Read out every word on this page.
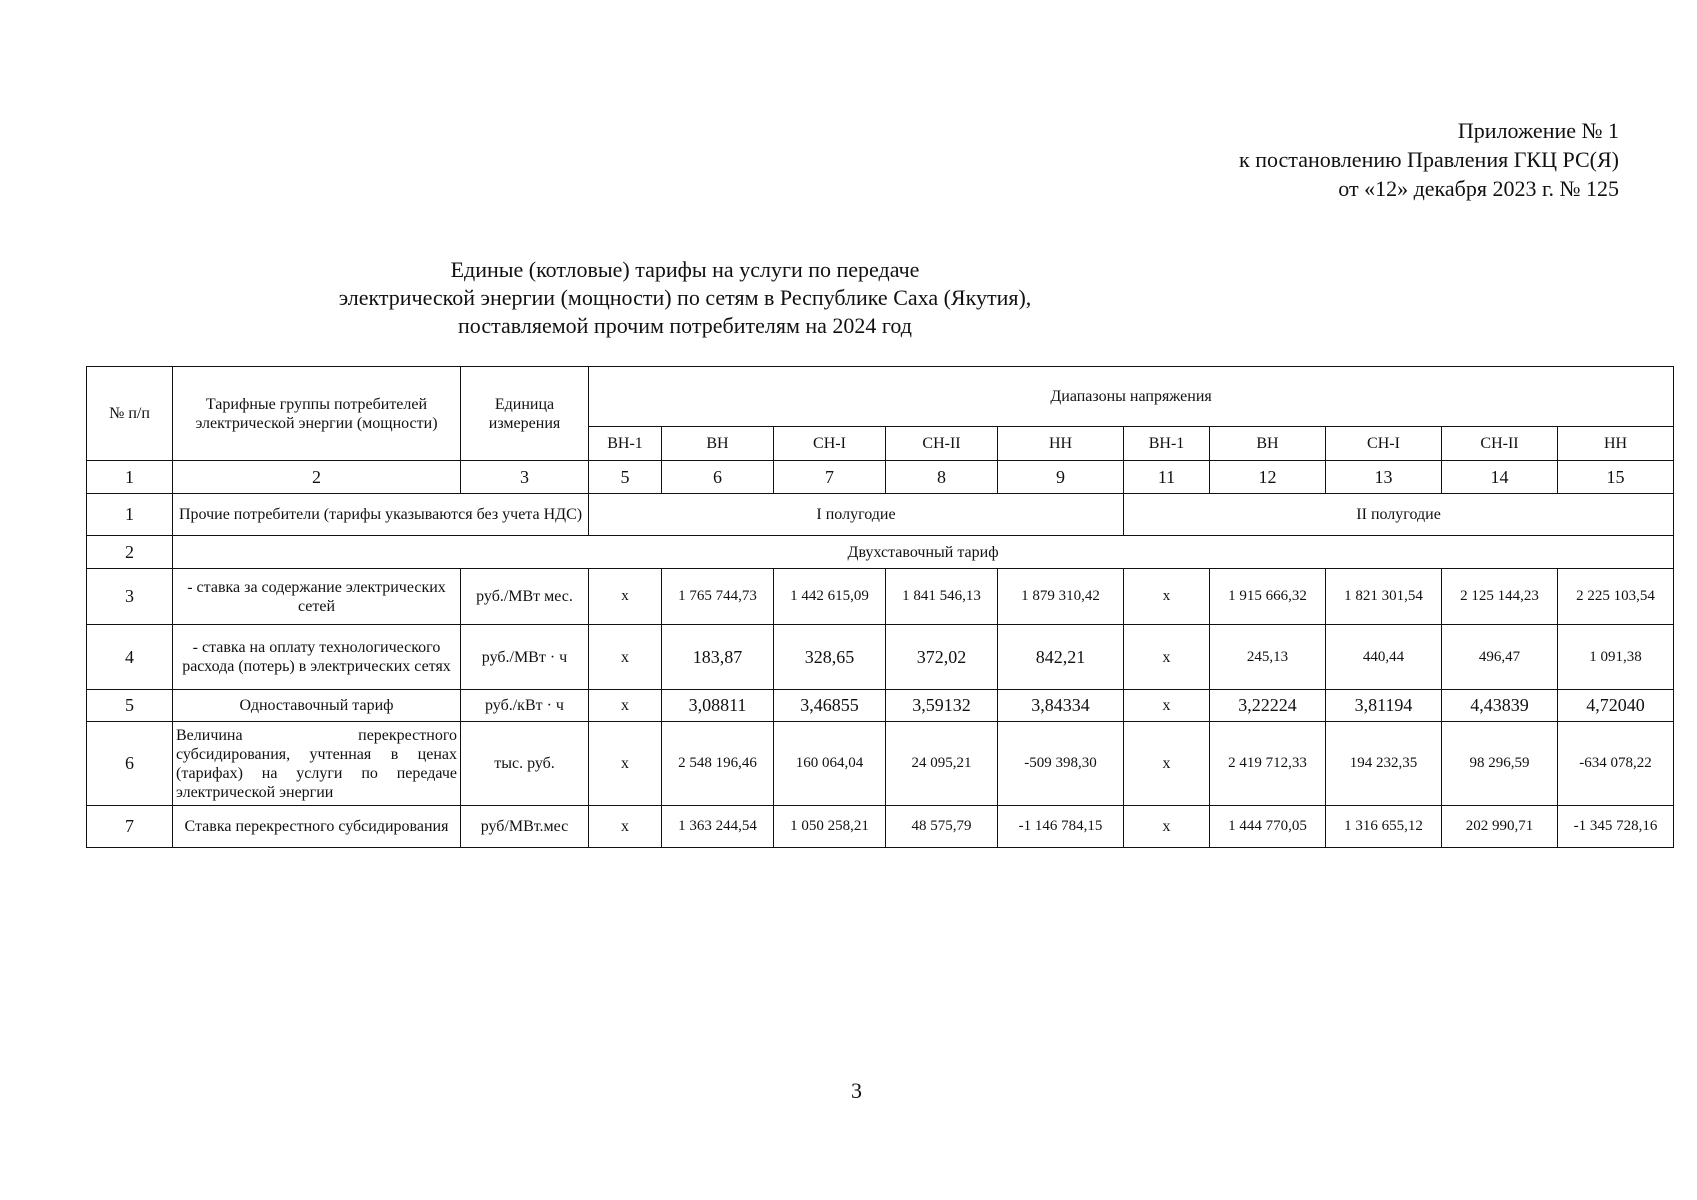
Приложение № 1
к постановлению Правления ГКЦ РС(Я)
от «12» декабря 2023 г. № 125
Единые (котловые) тарифы на услуги по передаче
электрической энергии (мощности) по сетям в Республике Саха (Якутия),
поставляемой прочим потребителям на 2024 год
№ п/п	Тарифные группы потребителей электрической энергии (мощности)	Единица измерения	Диапазоны напряжения									
			ВН-1	ВН	СН-I	СН-II	НН	ВН-1	ВН	СН-I	СН-II	НН
1	2	3	5	6	7	8	9	11	12	13	14	15
1	Прочие потребители (тарифы указываются без учета НДС)		I полугодие					II полугодие				
2	Двухставочный тариф											
3	- ставка за содержание электрических сетей	руб./МВт мес.	х	1 765 744,73	1 442 615,09	1 841 546,13	1 879 310,42	х	1 915 666,32	1 821 301,54	2 125 144,23	2 225 103,54
4	- ставка на оплату технологического расхода (потерь) в электрических сетях	руб./МВт · ч	х	183,87	328,65	372,02	842,21	х	245,13	440,44	496,47	1 091,38
5	Одноставочный тариф	руб./кВт · ч	х	3,08811	3,46855	3,59132	3,84334	х	3,22224	3,81194	4,43839	4,72040
6	Величина перекрестного
субсидирования, учтенная в ценах
(тарифах) на услуги по передаче
электрической энергии	тыс. руб.	х	2 548 196,46	160 064,04	24 095,21	-509 398,30	х	2 419 712,33	194 232,35	98 296,59	-634 078,22
7	Ставка перекрестного субсидирования	руб/МВт.мес	х	1 363 244,54	1 050 258,21	48 575,79	-1 146 784,15	х	1 444 770,05	1 316 655,12	202 990,71	-1 345 728,16
3
